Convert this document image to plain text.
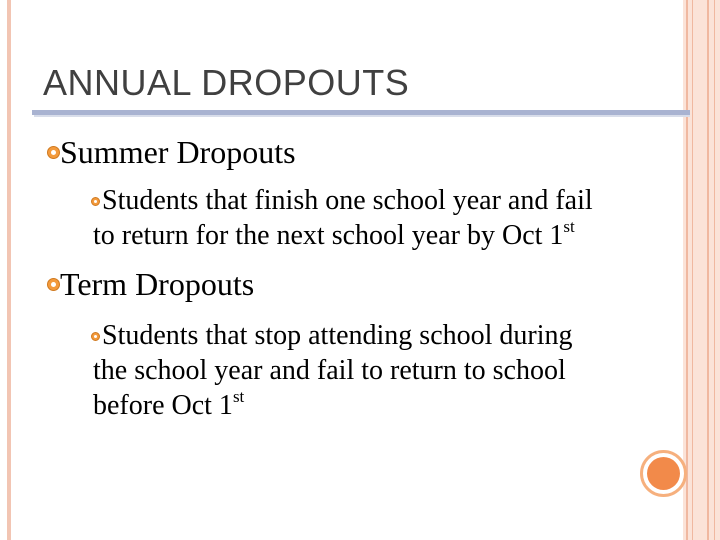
ANNUAL DROPOUTS
Summer Dropouts
Students that finish one school year and fail
to return for the next school year by Oct 1st
Term Dropouts
Students that stop attending school during
the school year and fail to return to school
before Oct 1st
